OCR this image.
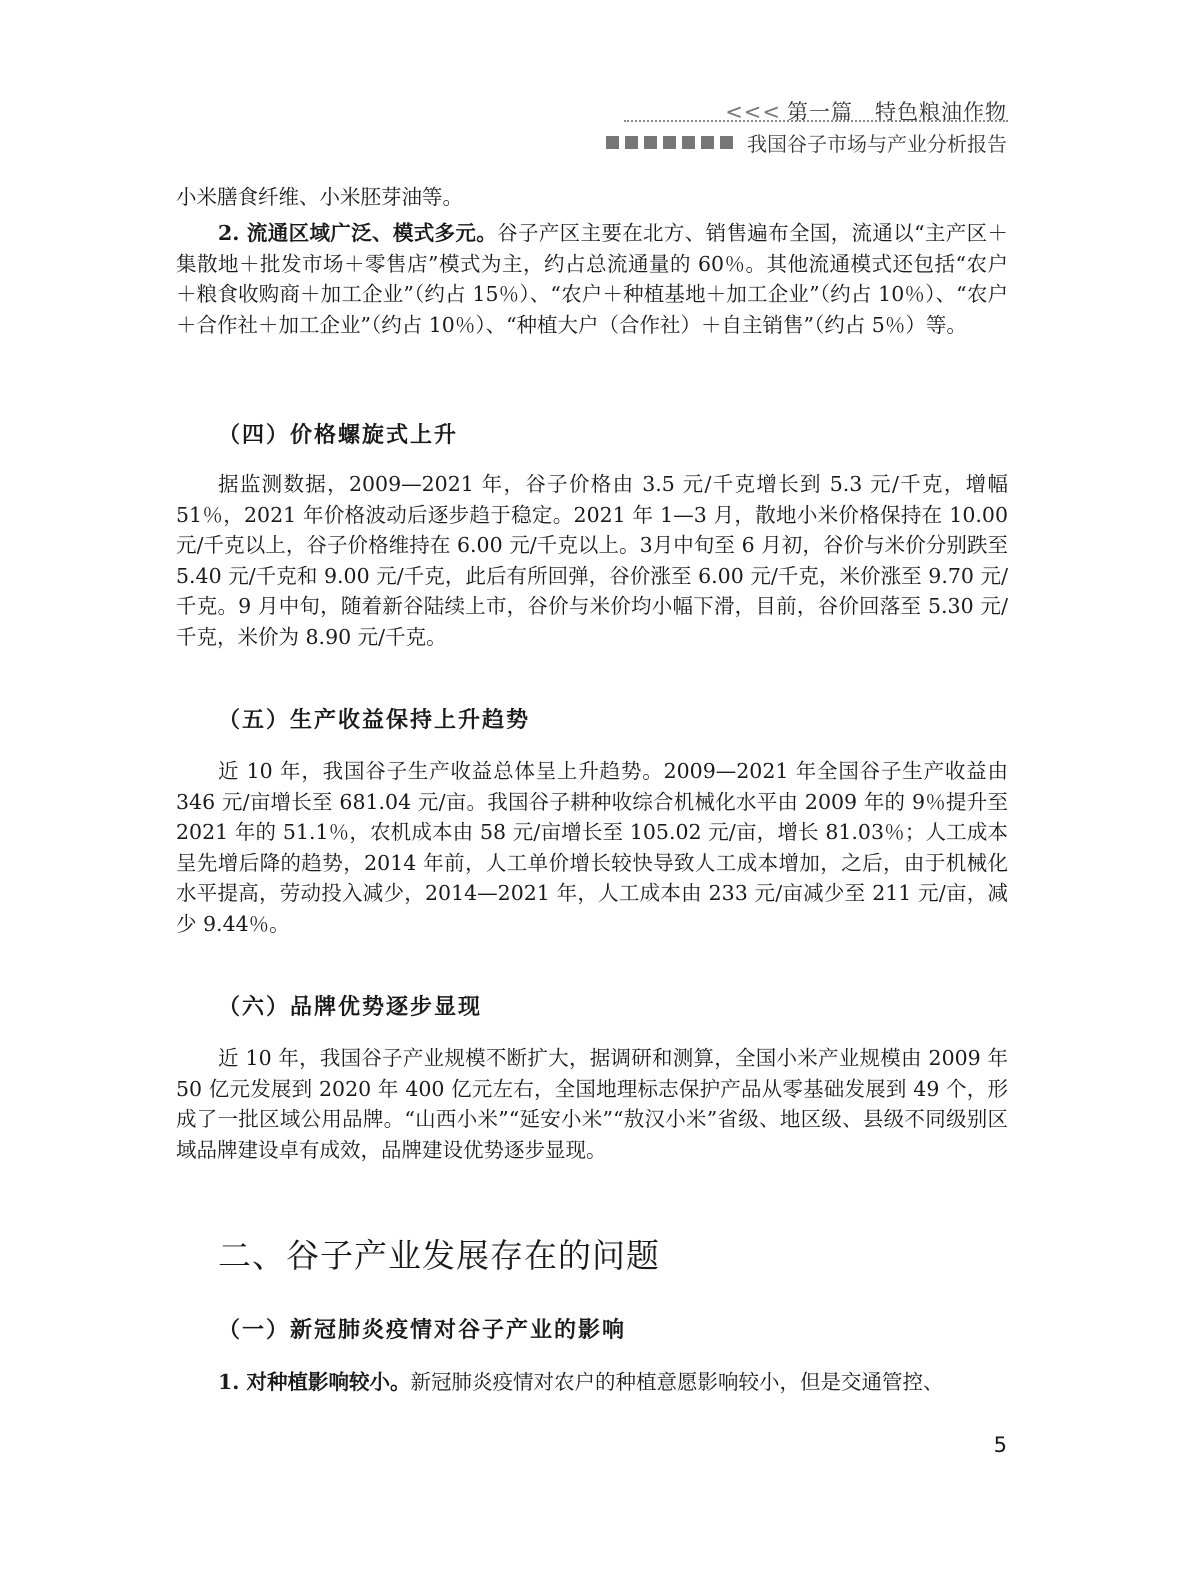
<<< 第一篇　特色粮油作物
我国谷子市场与产业分析报告

小米膳食纤维、小米胚芽油等。

2. 流通区域广泛、模式多元。谷子产区主要在北方、销售遍布全国，流通以“主产区＋集散地＋批发市场＋零售店”模式为主，约占总流通量的 60％。其他流通模式还包括“农户＋粮食收购商＋加工企业”（约占 15％）、“农户＋种植基地＋加工企业”（约占 10％）、“农户＋合作社＋加工企业”（约占 10％）、“种植大户（合作社）＋自主销售”（约占 5％）等。

（四）价格螺旋式上升

据监测数据，2009—2021 年，谷子价格由 3.5 元/千克增长到 5.3 元/千克，增幅 51％，2021 年价格波动后逐步趋于稳定。2021 年 1—3 月，散地小米价格保持在 10.00 元/千克以上，谷子价格维持在 6.00 元/千克以上。3月中旬至 6 月初，谷价与米价分别跌至 5.40 元/千克和 9.00 元/千克，此后有所回弹，谷价涨至 6.00 元/千克，米价涨至 9.70 元/千克。9 月中旬，随着新谷陆续上市，谷价与米价均小幅下滑，目前，谷价回落至 5.30 元/千克，米价为 8.90 元/千克。

（五）生产收益保持上升趋势

近 10 年，我国谷子生产收益总体呈上升趋势。2009—2021 年全国谷子生产收益由 346 元/亩增长至 681.04 元/亩。我国谷子耕种收综合机械化水平由 2009 年的 9％提升至 2021 年的 51.1％，农机成本由 58 元/亩增长至 105.02 元/亩，增长 81.03％；人工成本呈先增后降的趋势，2014 年前，人工单价增长较快导致人工成本增加，之后，由于机械化水平提高，劳动投入减少，2014—2021 年，人工成本由 233 元/亩减少至 211 元/亩，减少 9.44％。

（六）品牌优势逐步显现

近 10 年，我国谷子产业规模不断扩大，据调研和测算，全国小米产业规模由 2009 年 50 亿元发展到 2020 年 400 亿元左右，全国地理标志保护产品从零基础发展到 49 个，形成了一批区域公用品牌。“山西小米”“延安小米”“敖汉小米”省级、地区级、县级不同级别区域品牌建设卓有成效，品牌建设优势逐步显现。

二、谷子产业发展存在的问题
（一）新冠肺炎疫情对谷子产业的影响

1. 对种植影响较小。新冠肺炎疫情对农户的种植意愿影响较小，但是交通管控、

5
